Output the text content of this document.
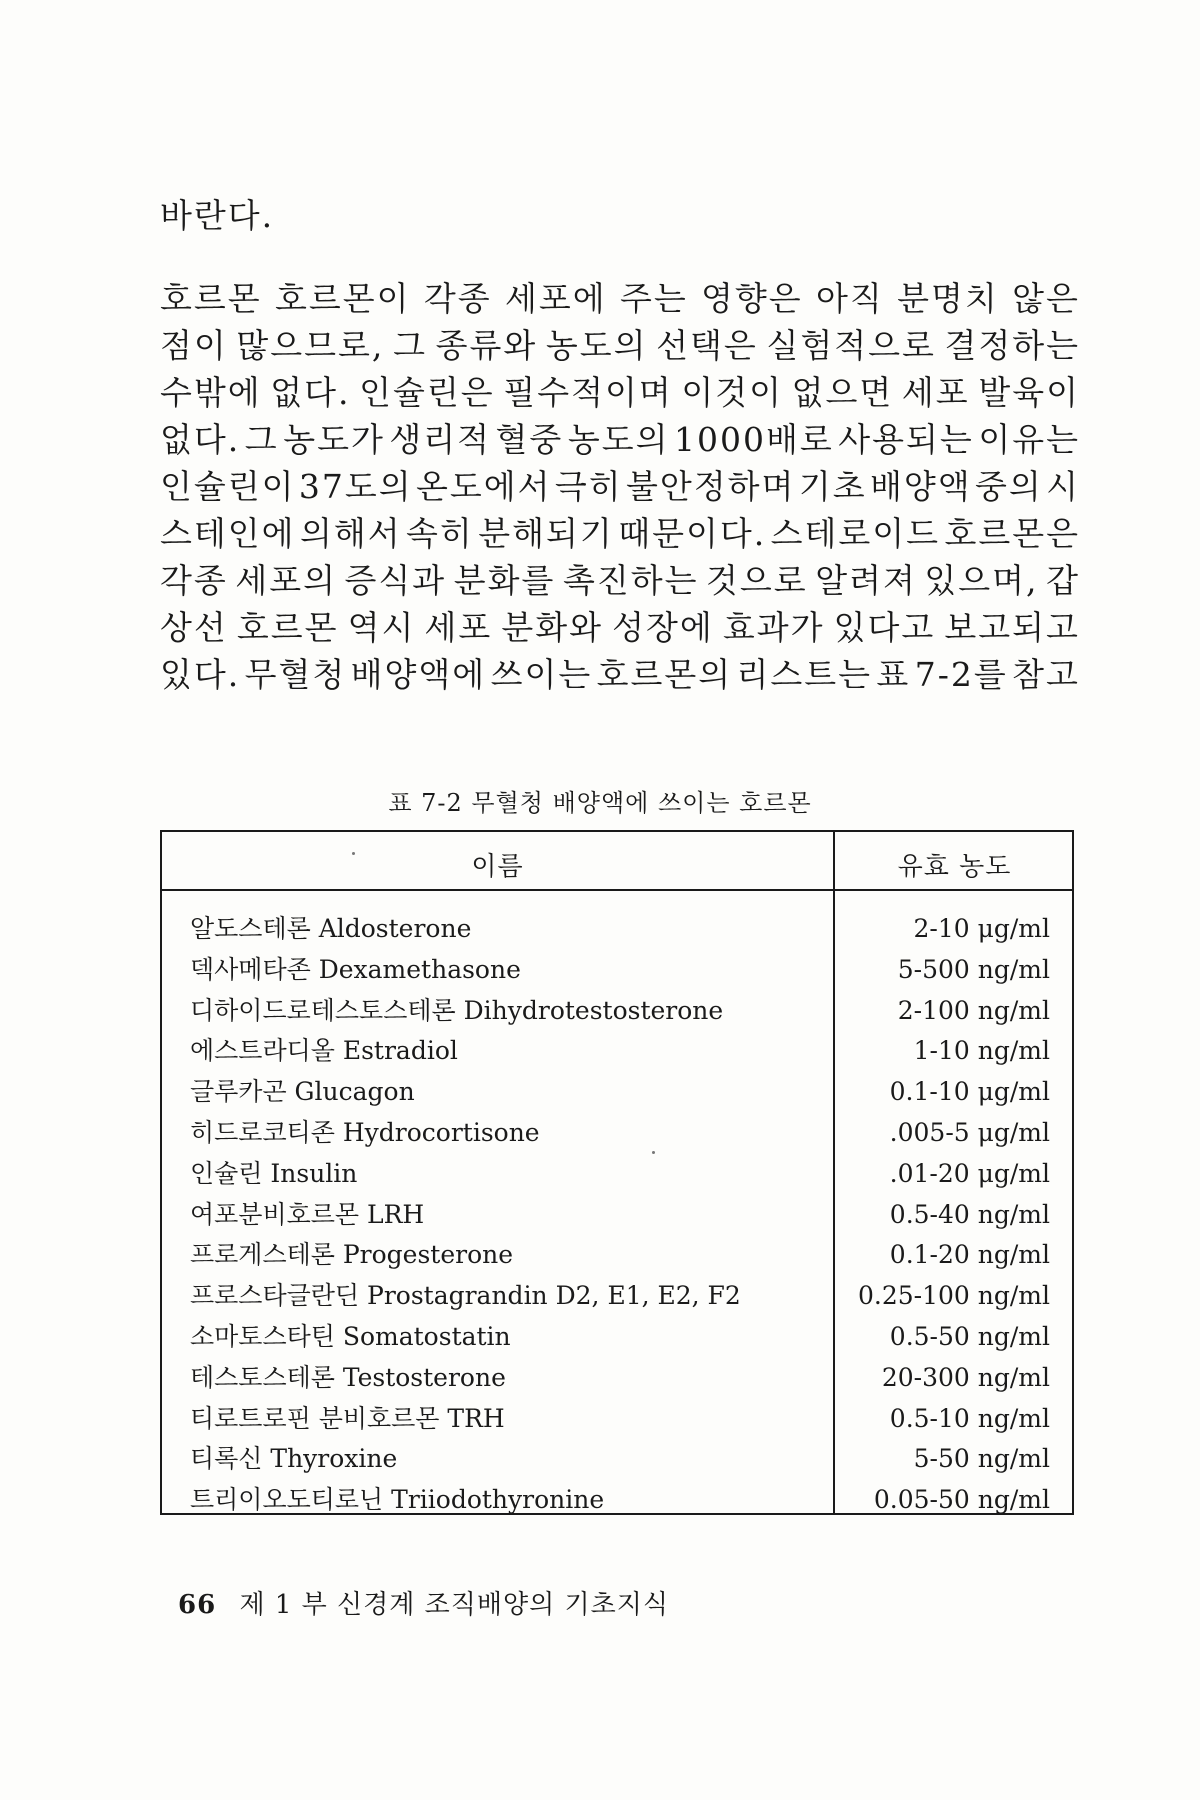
바란다.
호르몬 호르몬이 각종 세포에 주는 영향은 아직 분명치 않은
점이 많으므로, 그 종류와 농도의 선택은 실험적으로 결정하는
수밖에 없다. 인슐린은 필수적이며 이것이 없으면 세포 발육이
없다. 그 농도가 생리적 혈중 농도의 1000배로 사용되는 이유는
인슐린이 37도의 온도에서 극히 불안정하며 기초 배양액 중의 시
스테인에 의해서 속히 분해되기 때문이다. 스테로이드 호르몬은
각종 세포의 증식과 분화를 촉진하는 것으로 알려져 있으며, 갑
상선 호르몬 역시 세포 분화와 성장에 효과가 있다고 보고되고
있다. 무혈청 배양액에 쓰이는 호르몬의 리스트는 표 7-2를 참고
표 7-2 무혈청 배양액에 쓰이는 호르몬
이름	유효 농도
알도스테론 Aldosterone	2-10 μg/ml
덱사메타존 Dexamethasone	5-500 ng/ml
디하이드로테스토스테론 Dihydrotestosterone	2-100 ng/ml
에스트라디올 Estradiol	1-10 ng/ml
글루카곤 Glucagon	0.1-10 μg/ml
히드로코티존 Hydrocortisone	.005-5 μg/ml
인슐린 Insulin	.01-20 μg/ml
여포분비호르몬 LRH	0.5-40 ng/ml
프로게스테론 Progesterone	0.1-20 ng/ml
프로스타글란딘 Prostagrandin D2, E1, E2, F2	0.25-100 ng/ml
소마토스타틴 Somatostatin	0.5-50 ng/ml
테스토스테론 Testosterone	20-300 ng/ml
티로트로핀 분비호르몬 TRH	0.5-10 ng/ml
티록신 Thyroxine	5-50 ng/ml
트리이오도티로닌 Triiodothyronine	0.05-50 ng/ml
66 제 1 부 신경계 조직배양의 기초지식
